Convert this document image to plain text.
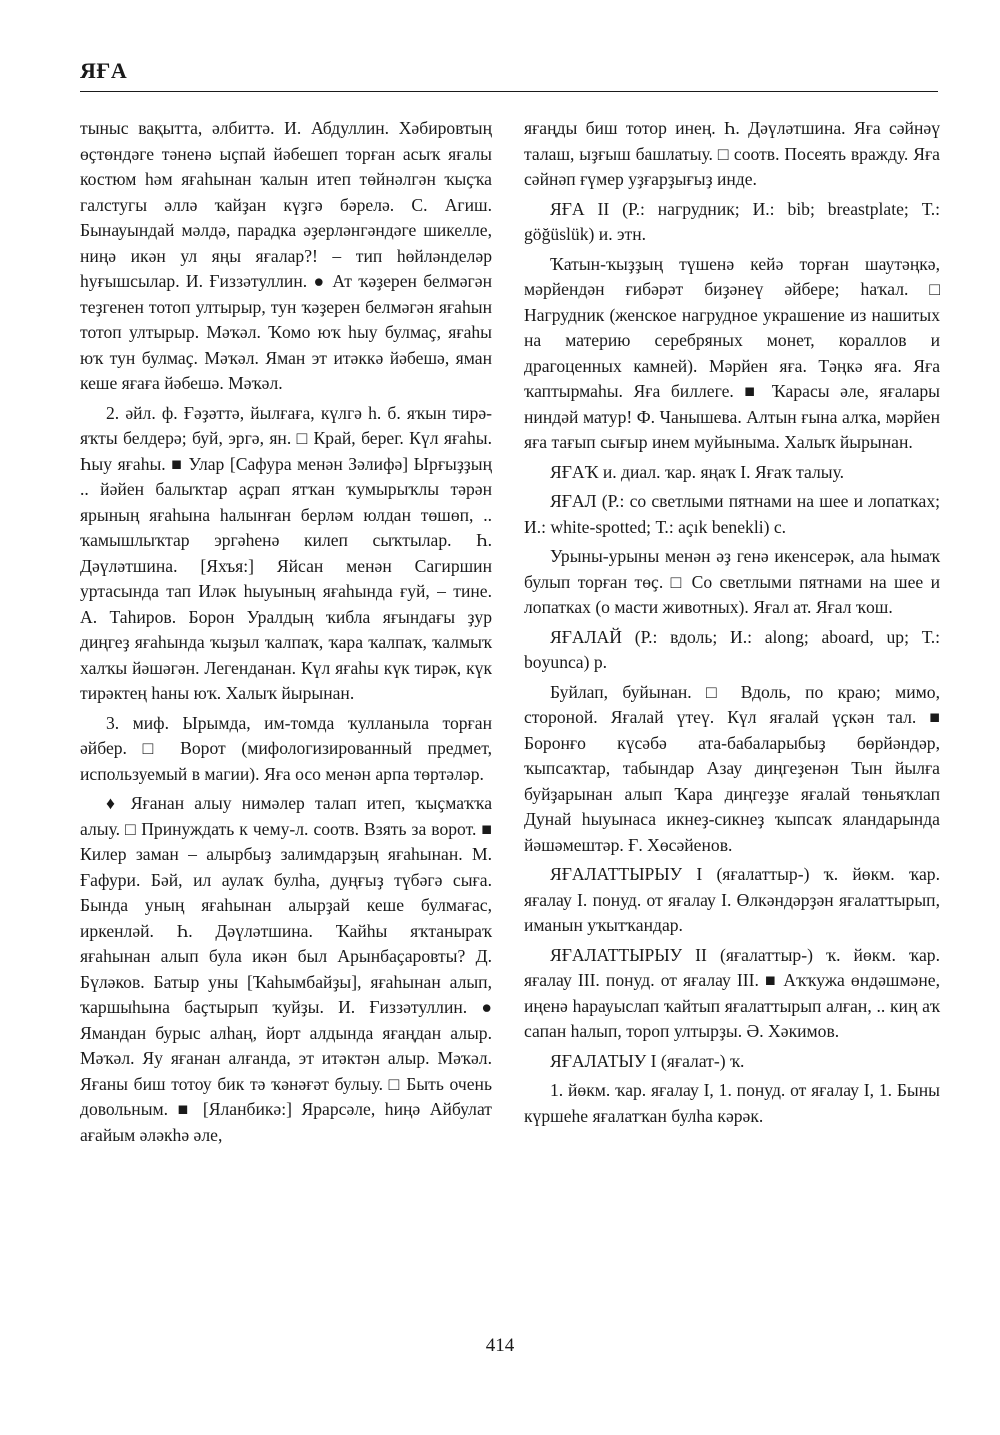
ЯҒА

тыныс вақытта, әлбиттә. И. Абдуллин. Хәбировтың өҫтөндәге тәненә ыҫпай йәбешеп торған асыҡ яғалы костюм һәм яғаһынан ҡалын итеп төйнәлгән ҡыҫҡа галстугы әллә ҡайҙан күҙгә бәрелә. С. Агиш. Бынауындай мәлдә, парадка әҙерләнгәндәге шикелле, ниңә икән ул яңы яғалар?! – тип һөйләнделәр һуғышсылар. И. Ғиззәтуллин. ● Ат ҡәҙерен белмәгән теҙгенен тотоп ултырыр, тун ҡәҙерен белмәгән яғаһын тотоп ултырыр. Мәҡәл. Ҡомо юҡ һыу булмаҫ, яғаһы юҡ тун булмаҫ. Мәҡәл. Яман эт итәккә йәбешә, яман кеше яғаға йәбешә. Мәҡәл.

2. әйл. ф. Ғәҙәттә, йылғаға, күлгә һ. б. яҡын тирә-яҡты белдерә; буй, эргә, ян. □ Край, берег. Күл яғаһы. Һыу яғаһы. ■ Улар [Сафура менән Зәлифә] Ырғыҙҙың .. йәйен балыҡтар аҫрап ятҡан ҡумырыҡлы тәрән ярының яғаһына һалынған берләм юлдан төшөп, .. ҡамышлыҡтар эргәһенә килеп сыҡтылар. Һ. Дәүләтшина. [Яхъя:] Яйсан менән Сагиршин уртасында тап Иләк һыуының яғаһында ғуй, – тине. А. Таһиров. Борон Уралдың ҡибла яғындағы ҙур диңгеҙ яғаһында ҡыҙыл ҡалпаҡ, ҡара ҡалпаҡ, ҡалмыҡ халҡы йәшәгән. Легенданан. Күл яғаһы күк тирәк, күк тирәктең һаны юҡ. Халыҡ йырынан.

3. миф. Ырымда, им-томда ҡулланыла торған әйбер. □ Ворот (мифологизированный предмет, используемый в магии). Яға осо менән арпа төртәләр.

♦ Яғанан алыу нимәлер талап итеп, ҡыҫмаҡҡа алыу. □ Принуждать к чему-л. соотв. Взять за ворот. ■ Килер заман – алырбыҙ залимдарҙың яғаһынан. М. Ғафури. Бәй, ил аулаҡ булһа, дуңғыҙ түбәгә сыға. Бында уның яғаһынан алырҙай кеше булмағас, иркенләй. Һ. Дәүләтшина. Ҡайһы яҡтаныраҡ яғаһынан алып була икән был Арынбаҫаровты? Д. Бүләков. Батыр уны [Ҡаһымбайҙы], яғаһынан алып, ҡаршыһына баҫтырып ҡуйҙы. И. Ғиззәтуллин. ● Ямандан бурыс алһаң, йорт алдында яғаңдан алыр. Мәҡәл. Яу яғанан алғанда, эт итәктән алыр. Мәҡәл. Яғаны биш тотоу бик тә ҡәнәғәт булыу. □ Быть очень довольным. ■ [Яланбикә:] Ярарсәле, һиңә Айбулат ағайым әләкһә әле,

яғаңды биш тотор инең. Һ. Дәүләтшина. Яға сәйнәү талаш, ыҙғыш башлатыу. □ соотв. Посеять вражду. Яға сәйнәп ғүмер уҙғарҙығыҙ инде.

ЯҒА II (Р.: нагрудник; И.: bib; breastplate; Т.: göğüslük) и. этн.

Ҡатын-ҡыҙҙың түшенә кейә торған шаутәңкә, мәрйендән ғибәрәт биҙәнеү әйбере; һаҡал. □ Нагрудник (женское нагрудное украшение из нашитых на материю серебряных монет, кораллов и драгоценных камней). Мәрйен яға. Тәңкә яға. Яға ҡаптырмаһы. Яға биллеге. ■ Ҡарасы әле, яғалары ниндәй матур! Ф. Чанышева. Алтын ғына алҡа, мәрйен яға тағып сығыр инем муйыныма. Халыҡ йырынан.

ЯҒАҠ и. диал. ҡар. яңаҡ I. Яғаҡ талыу.

ЯҒАЛ (Р.: со светлыми пятнами на шее и лопатках; И.: white-spotted; Т.: açık benekli) с.

Урыны-урыны менән әҙ генә икенсерәк, ала һымаҡ булып торған төҫ. □ Со светлыми пятнами на шее и лопатках (о масти животных). Яғал ат. Яғал ҡош.

ЯҒАЛАЙ (Р.: вдоль; И.: along; aboard, up; Т.: boyunca) р.

Буйлап, буйынан. □ Вдоль, по краю; мимо, стороной. Яғалай үтеү. Күл яғалай үҫкән тал. ■ Боронғо күсәбә ата-бабаларыбыҙ бөрйәндәр, ҡыпсаҡтар, табындар Азау диңгеҙенән Тын йылға буйҙарынан алып Ҡара диңгеҙҙе яғалай төньяҡлап Дунай һыуынаса икнеҙ-сикнеҙ ҡыпсаҡ яландарында йәшәмештәр. Ғ. Хөсәйенов.

ЯҒАЛАТТЫРЫУ I (яғалаттыр-) ҡ. йөкм. ҡар. яғалау I. понуд. от яғалау I. Өлкәндәрҙән яғалаттырып, иманын уҡытҡандар.

ЯҒАЛАТТЫРЫУ II (яғалаттыр-) ҡ. йөкм. ҡар. яғалау III. понуд. от яғалау III. ■ Аҡҡужа өндәшмәне, иңенә һарауыслап ҡайтып яғалаттырып алған, .. киң аҡ сапан һалып, тороп ултырҙы. Ә. Хәкимов.

ЯҒАЛАТЫУ I (яғалат-) ҡ.

1. йөкм. ҡар. яғалау I, 1. понуд. от яғалау I, 1. Быны күршеһе яғалатҡан булһа кәрәк.

414
